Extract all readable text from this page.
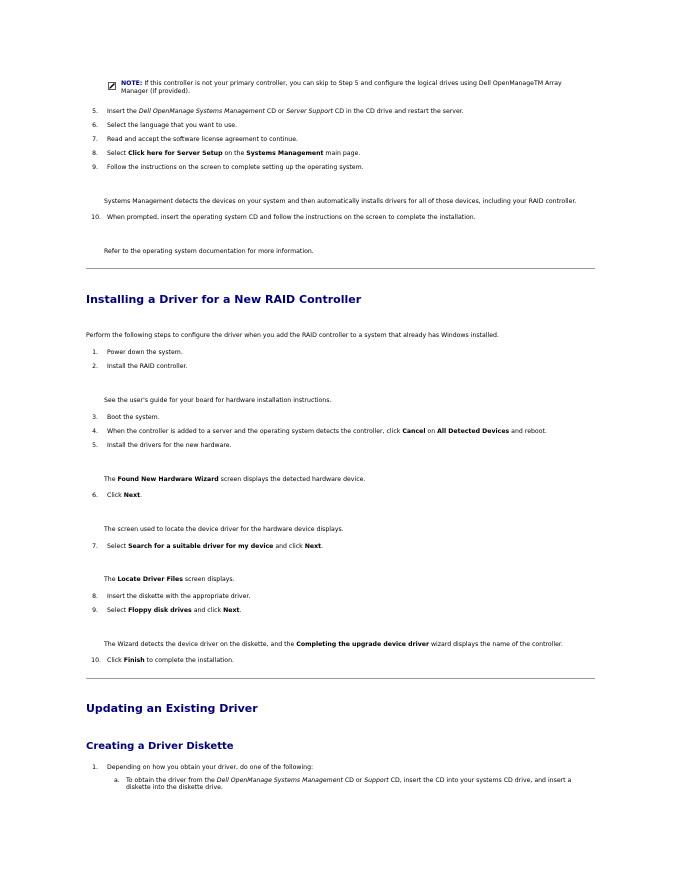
NOTE: If this controller is not your primary controller, you can skip to Step 5 and configure the logical drives using Dell OpenManageTM Array
Manager (if provided).
5. Insert the Dell OpenManage Systems Management CD or Server Support CD in the CD drive and restart the server.
6. Select the language that you want to use.
7. Read and accept the software license agreement to continue.
8. Select Click here for Server Setup on the Systems Management main page.
9. Follow the instructions on the screen to complete setting up the operating system.
Systems Management detects the devices on your system and then automatically installs drivers for all of those devices, including your RAID controller.
10. When prompted, insert the operating system CD and follow the instructions on the screen to complete the installation.
Refer to the operating system documentation for more information.
Installing a Driver for a New RAID Controller
Perform the following steps to configure the driver when you add the RAID controller to a system that already has Windows installed.
1. Power down the system.
2. Install the RAID controller.
See the user's guide for your board for hardware installation instructions.
3. Boot the system.
4. When the controller is added to a server and the operating system detects the controller, click Cancel on All Detected Devices and reboot.
5. Install the drivers for the new hardware.
The Found New Hardware Wizard screen displays the detected hardware device.
6. Click Next.
The screen used to locate the device driver for the hardware device displays.
7. Select Search for a suitable driver for my device and click Next.
The Locate Driver Files screen displays.
8. Insert the diskette with the appropriate driver.
9. Select Floppy disk drives and click Next.
The Wizard detects the device driver on the diskette, and the Completing the upgrade device driver wizard displays the name of the controller.
10. Click Finish to complete the installation.
Updating an Existing Driver
Creating a Driver Diskette
1. Depending on how you obtain your driver, do one of the following:
a. To obtain the driver from the Dell OpenManage Systems Management CD or Support CD, insert the CD into your systems CD drive, and insert a
diskette into the diskette drive.
